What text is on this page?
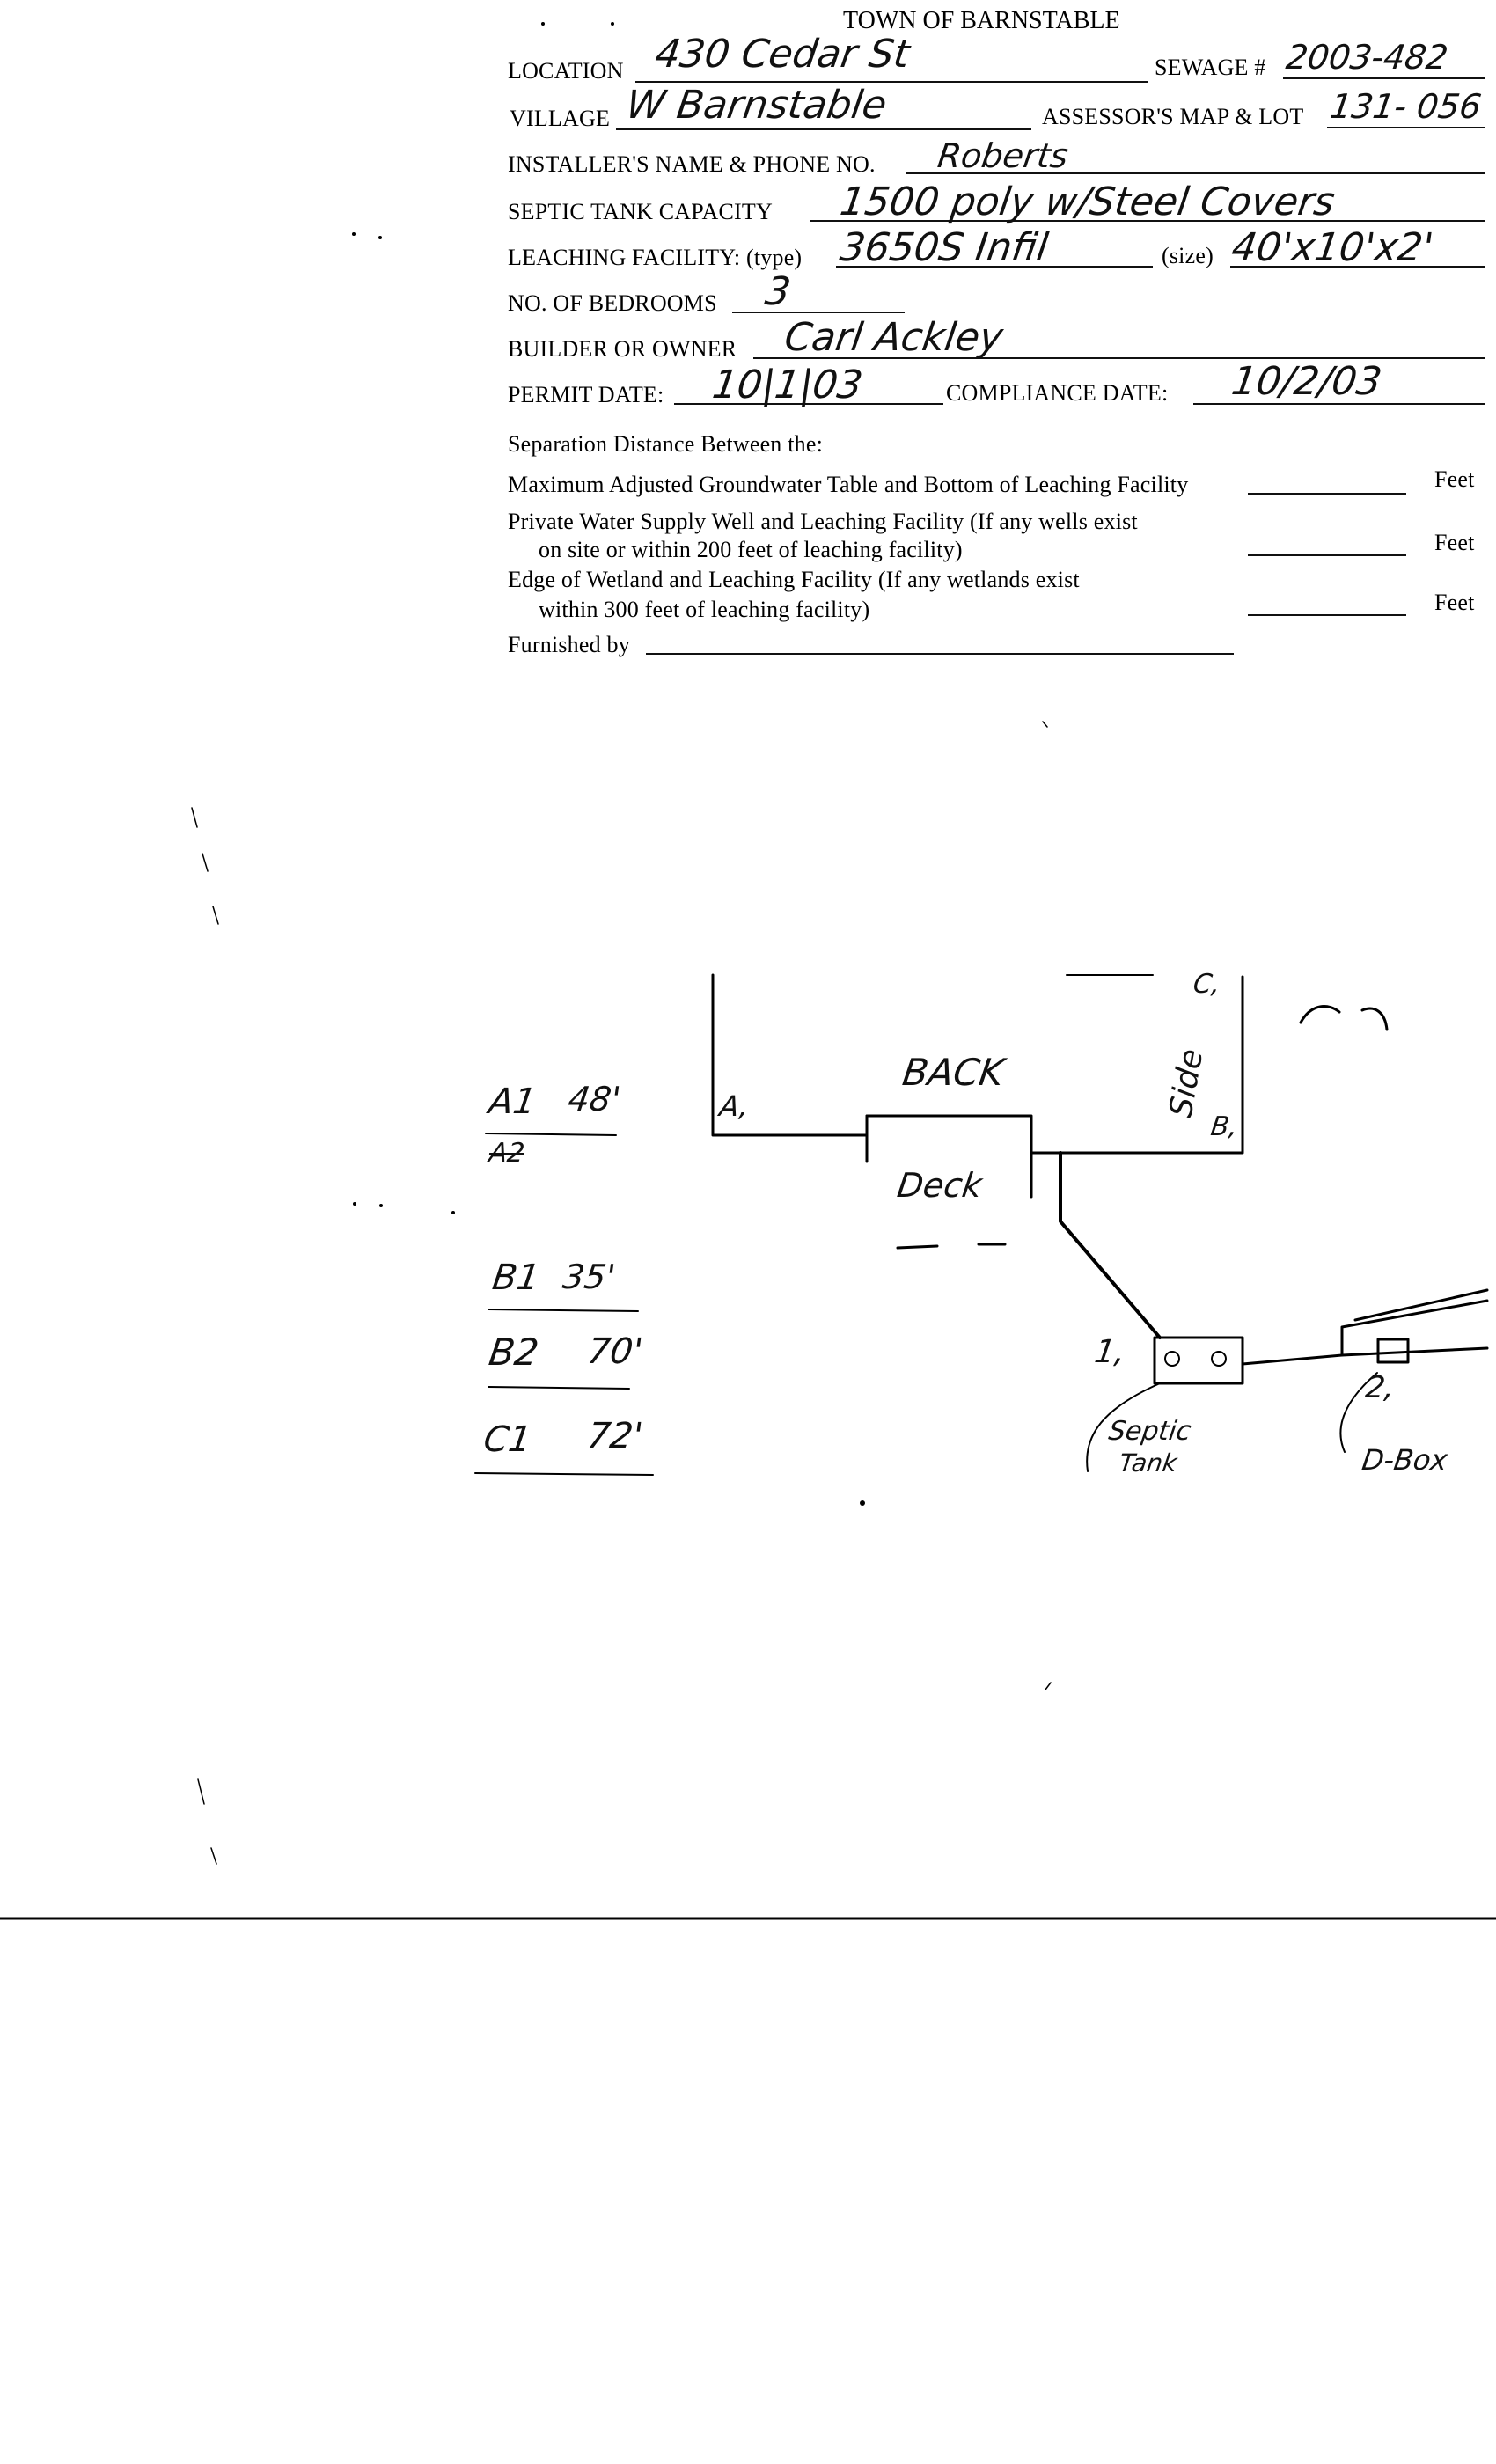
TOWN OF BARNSTABLE
LOCATION 430 Cedar St	SEWAGE # 2003-482
VILLAGE W Barnstable	ASSESSOR'S MAP & LOT 131- 056
INSTALLER'S NAME & PHONE NO. Roberts
SEPTIC TANK CAPACITY 1500 poly w/Steel Covers
LEACHING FACILITY: (type) 3650S Infil	(size) 40'x10'x2'
NO. OF BEDROOMS 3
BUILDER OR OWNER Carl Ackley
PERMIT DATE: 10|1|03	COMPLIANCE DATE: 10/2/03
Separation Distance Between the:
Maximum Adjusted Groundwater Table and Bottom of Leaching Facility	Feet
Private Water Supply Well and Leaching Facility (If any wells exist
on site or within 200 feet of leaching facility)	Feet
Edge of Wetland and Leaching Facility (If any wetlands exist
within 300 feet of leaching facility)	Feet
Furnished by
A1 48'
A2
B1 35'
B2 70'
C1 72'
A,
B,
C,
BACK	Side
Deck
1,
2,
Septic
Tank	D-Box
